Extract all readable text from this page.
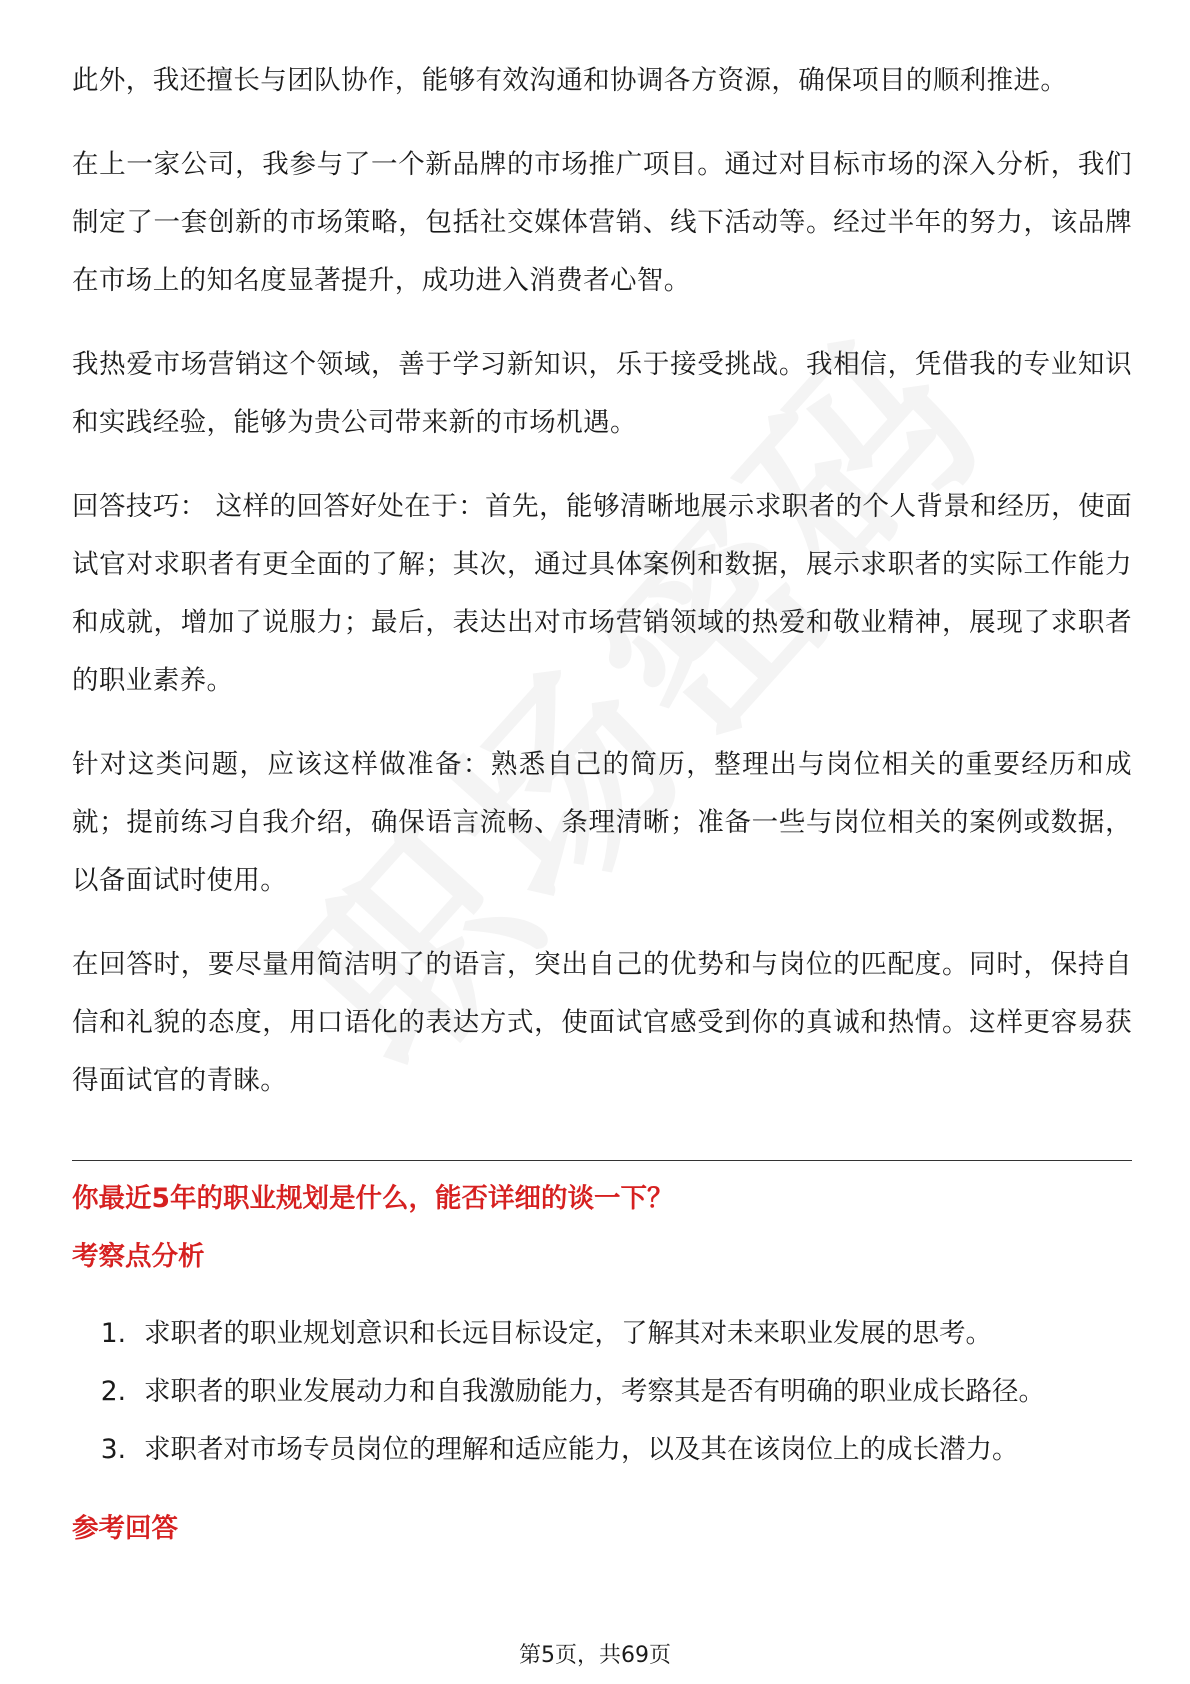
此外，我还擅长与团队协作，能够有效沟通和协调各方资源，确保项目的顺利推进。

在上一家公司，我参与了一个新品牌的市场推广项目。通过对目标市场的深入分析，我们制定了一套创新的市场策略，包括社交媒体营销、线下活动等。经过半年的努力，该品牌在市场上的知名度显著提升，成功进入消费者心智。

我热爱市场营销这个领域，善于学习新知识，乐于接受挑战。我相信，凭借我的专业知识和实践经验，能够为贵公司带来新的市场机遇。

回答技巧： 这样的回答好处在于：首先，能够清晰地展示求职者的个人背景和经历，使面试官对求职者有更全面的了解；其次，通过具体案例和数据，展示求职者的实际工作能力和成就，增加了说服力；最后，表达出对市场营销领域的热爱和敬业精神，展现了求职者的职业素养。

针对这类问题，应该这样做准备：熟悉自己的简历，整理出与岗位相关的重要经历和成就；提前练习自我介绍，确保语言流畅、条理清晰；准备一些与岗位相关的案例或数据，以备面试时使用。

在回答时，要尽量用简洁明了的语言，突出自己的优势和与岗位的匹配度。同时，保持自信和礼貌的态度，用口语化的表达方式，使面试官感受到你的真诚和热情。这样更容易获得面试官的青睐。

你最近5年的职业规划是什么，能否详细的谈一下？
考察点分析
1. 求职者的职业规划意识和长远目标设定，了解其对未来职业发展的思考。
2. 求职者的职业发展动力和自我激励能力，考察其是否有明确的职业成长路径。
3. 求职者对市场专员岗位的理解和适应能力，以及其在该岗位上的成长潜力。
参考回答
第5页，共69页
